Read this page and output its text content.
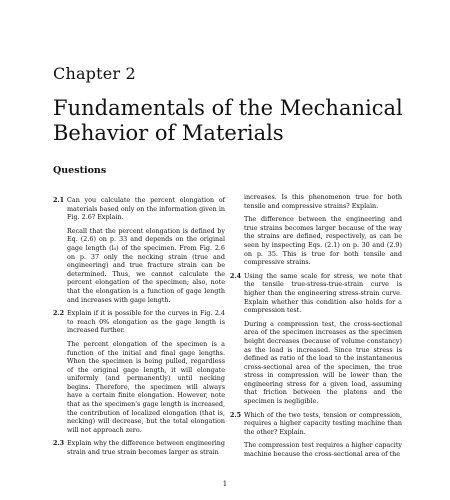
Chapter 2
Fundamentals of the Mechanical Behavior of Materials
Questions
2.1 Can you calculate the percent elongation of materials based only on the information given in Fig. 2.6? Explain.
Recall that the percent elongation is defined by Eq. (2.6) on p. 33 and depends on the original gage length (l₀) of the specimen. From Fig. 2.6 on p. 37 only the necking strain (true and engineering) and true fracture strain can be determined. Thus, we cannot calculate the percent elongation of the specimen; also, note that the elongation is a function of gage length and increases with gage length.
2.2 Explain if it is possible for the curves in Fig. 2.4 to reach 0% elongation as the gage length is increased further.
The percent elongation of the specimen is a function of the initial and final gage lengths. When the specimen is being pulled, regardless of the original gage length, it will elongate uniformly (and permanently) until necking begins. Therefore, the specimen will always have a certain finite elongation. However, note that as the specimen's gage length is increased, the contribution of localized elongation (that is, necking) will decrease, but the total elongation will not approach zero.
2.3 Explain why the difference between engineering strain and true strain becomes larger as strain
increases. Is this phenomenon true for both tensile and compressive strains? Explain.
The difference between the engineering and true strains becomes larger because of the way the strains are defined, respectively, as can be seen by inspecting Eqs. (2.1) on p. 30 and (2.9) on p. 35. This is true for both tensile and compressive strains.
2.4 Using the same scale for stress, we note that the tensile true-stress-true-strain curve is higher than the engineering stress-strain curve. Explain whether this condition also holds for a compression test.
During a compression test, the cross-sectional area of the specimen increases as the specimen height decreases (because of volume constancy) as the load is increased. Since true stress is defined as ratio of the load to the instantaneous cross-sectional area of the specimen, the true stress in compression will be lower than the engineering stress for a given load, assuming that friction between the platens and the specimen is negligible.
2.5 Which of the two tests, tension or compression, requires a higher capacity testing machine than the other? Explain.
The compression test requires a higher capacity machine because the cross-sectional area of the
1
